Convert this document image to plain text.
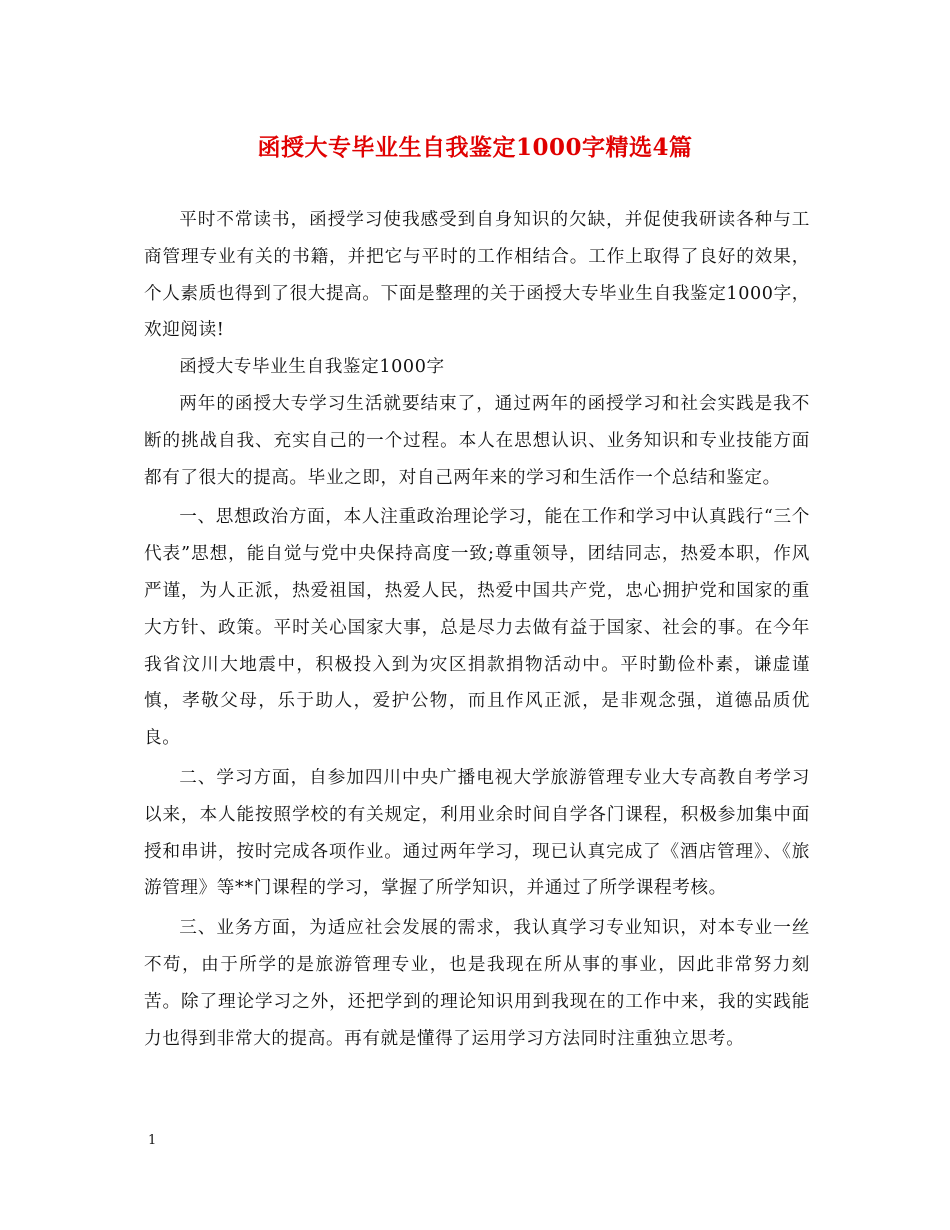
函授大专毕业生自我鉴定1000字精选4篇

平时不常读书，函授学习使我感受到自身知识的欠缺，并促使我研读各种与工商管理专业有关的书籍，并把它与平时的工作相结合。工作上取得了良好的效果，个人素质也得到了很大提高。下面是整理的关于函授大专毕业生自我鉴定1000字，欢迎阅读!

函授大专毕业生自我鉴定1000字

两年的函授大专学习生活就要结束了，通过两年的函授学习和社会实践是我不断的挑战自我、充实自己的一个过程。本人在思想认识、业务知识和专业技能方面都有了很大的提高。毕业之即，对自己两年来的学习和生活作一个总结和鉴定。

一、思想政治方面，本人注重政治理论学习，能在工作和学习中认真践行“三个代表”思想，能自觉与党中央保持高度一致;尊重领导，团结同志，热爱本职，作风严谨，为人正派，热爱祖国，热爱人民，热爱中国共产党，忠心拥护党和国家的重大方针、政策。平时关心国家大事，总是尽力去做有益于国家、社会的事。在今年我省汶川大地震中，积极投入到为灾区捐款捐物活动中。平时勤俭朴素，谦虚谨慎，孝敬父母，乐于助人，爱护公物，而且作风正派，是非观念强，道德品质优良。

二、学习方面，自参加四川中央广播电视大学旅游管理专业大专高教自考学习以来，本人能按照学校的有关规定，利用业余时间自学各门课程，积极参加集中面授和串讲，按时完成各项作业。通过两年学习，现已认真完成了《酒店管理》、《旅游管理》等**门课程的学习，掌握了所学知识，并通过了所学课程考核。

三、业务方面，为适应社会发展的需求，我认真学习专业知识，对本专业一丝不苟，由于所学的是旅游管理专业，也是我现在所从事的事业，因此非常努力刻苦。除了理论学习之外，还把学到的理论知识用到我现在的工作中来，我的实践能力也得到非常大的提高。再有就是懂得了运用学习方法同时注重独立思考。

1
